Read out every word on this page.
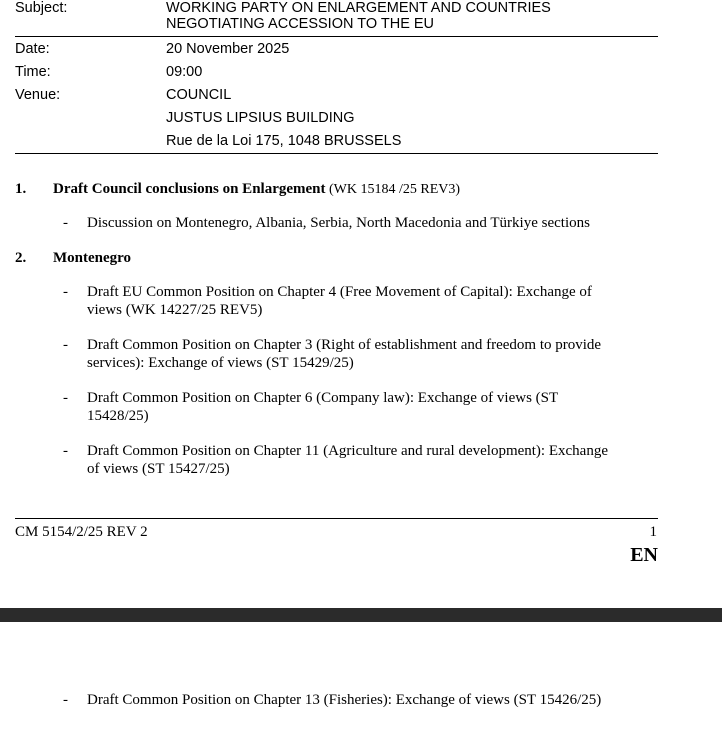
Subject:	WORKING PARTY ON ENLARGEMENT AND COUNTRIES
NEGOTIATING ACCESSION TO THE EU
Date:	20 November 2025
Time:	09:00
Venue:	COUNCIL
JUSTUS LIPSIUS BUILDING
Rue de la Loi 175, 1048 BRUSSELS
1. Draft Council conclusions on Enlargement (WK 15184 /25 REV3)
- Discussion on Montenegro, Albania, Serbia, North Macedonia and Türkiye sections
2. Montenegro
- Draft EU Common Position on Chapter 4 (Free Movement of Capital): Exchange of
views (WK 14227/25 REV5)
- Draft Common Position on Chapter 3 (Right of establishment and freedom to provide
services): Exchange of views (ST 15429/25)
- Draft Common Position on Chapter 6 (Company law): Exchange of views (ST
15428/25)
- Draft Common Position on Chapter 11 (Agriculture and rural development): Exchange
of views (ST 15427/25)
CM 5154/2/25 REV 2	1
EN
- Draft Common Position on Chapter 13 (Fisheries): Exchange of views (ST 15426/25)
